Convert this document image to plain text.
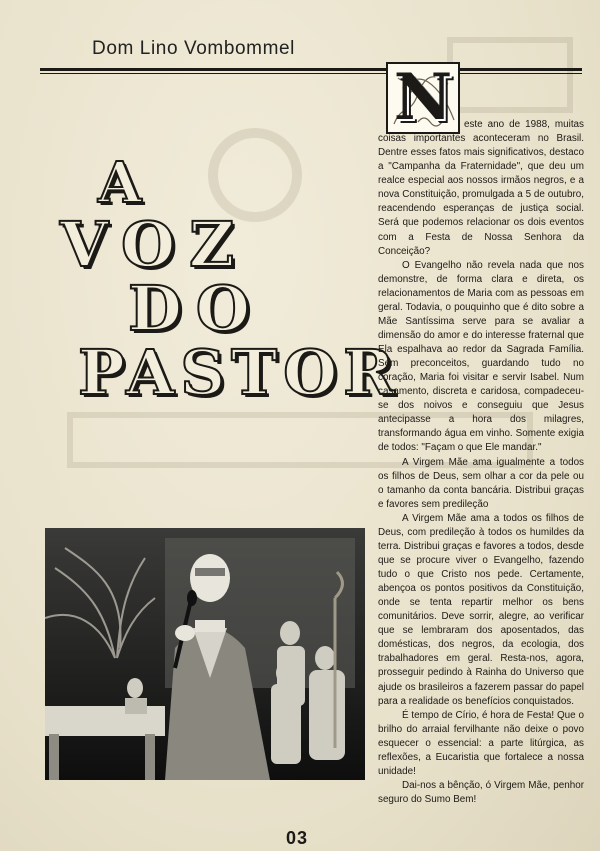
Dom Lino Vombommel
N
A
VOZ
DO
PASTOR

este ano de 1988, muitas coisas importantes aconteceram no Brasil. Dentre esses fatos mais significativos, destaco a "Campanha da Fraternidade", que deu um realce especial aos nossos irmãos negros, e a nova Constituição, promulgada a 5 de outubro, reacendendo esperanças de justiça social. Será que podemos relacionar os dois eventos com a Festa de Nossa Senhora da Conceição?

O Evangelho não revela nada que nos demonstre, de forma clara e direta, os relacionamentos de Maria com as pessoas em geral. Todavia, o pouquinho que é dito sobre a Mãe Santíssima serve para se avaliar a dimensão do amor e do interesse fraternal que Ela espalhava ao redor da Sagrada Família. Sem preconceitos, guardando tudo no coração, Maria foi visitar e servir Isabel. Num casamento, discreta e caridosa, compadeceu-se dos noivos e conseguiu que Jesus antecipasse a hora dos milagres, transformando água em vinho. Somente exigia de todos: "Façam o que Ele mandar."

A Virgem Mãe ama igualmente a todos os filhos de Deus, sem olhar a cor da pele ou o tamanho da conta bancária. Distribui graças e favores sem predileção

A Virgem Mãe ama a todos os filhos de Deus, com predileção à todos os humildes da terra. Distribui graças e favores a todos, desde que se procure viver o Evangelho, fazendo tudo o que Cristo nos pede. Certamente, abençoa os pontos positivos da Constituição, onde se tenta repartir melhor os bens comunitários. Deve sorrir, alegre, ao verificar que se lembraram dos aposentados, das domésticas, dos negros, da ecologia, dos trabalhadores em geral. Resta-nos, agora, prosseguir pedindo à Rainha do Universo que ajude os brasileiros a fazerem passar do papel para a realidade os benefícios conquistados.

É tempo de Círio, é hora de Festa! Que o brilho do arraial fervilhante não deixe o povo esquecer o essencial: a parte litúrgica, as reflexões, a Eucaristia que fortalece a nossa unidade!

Dai-nos a bênção, ó Virgem Mãe, penhor seguro do Sumo Bem!

03
